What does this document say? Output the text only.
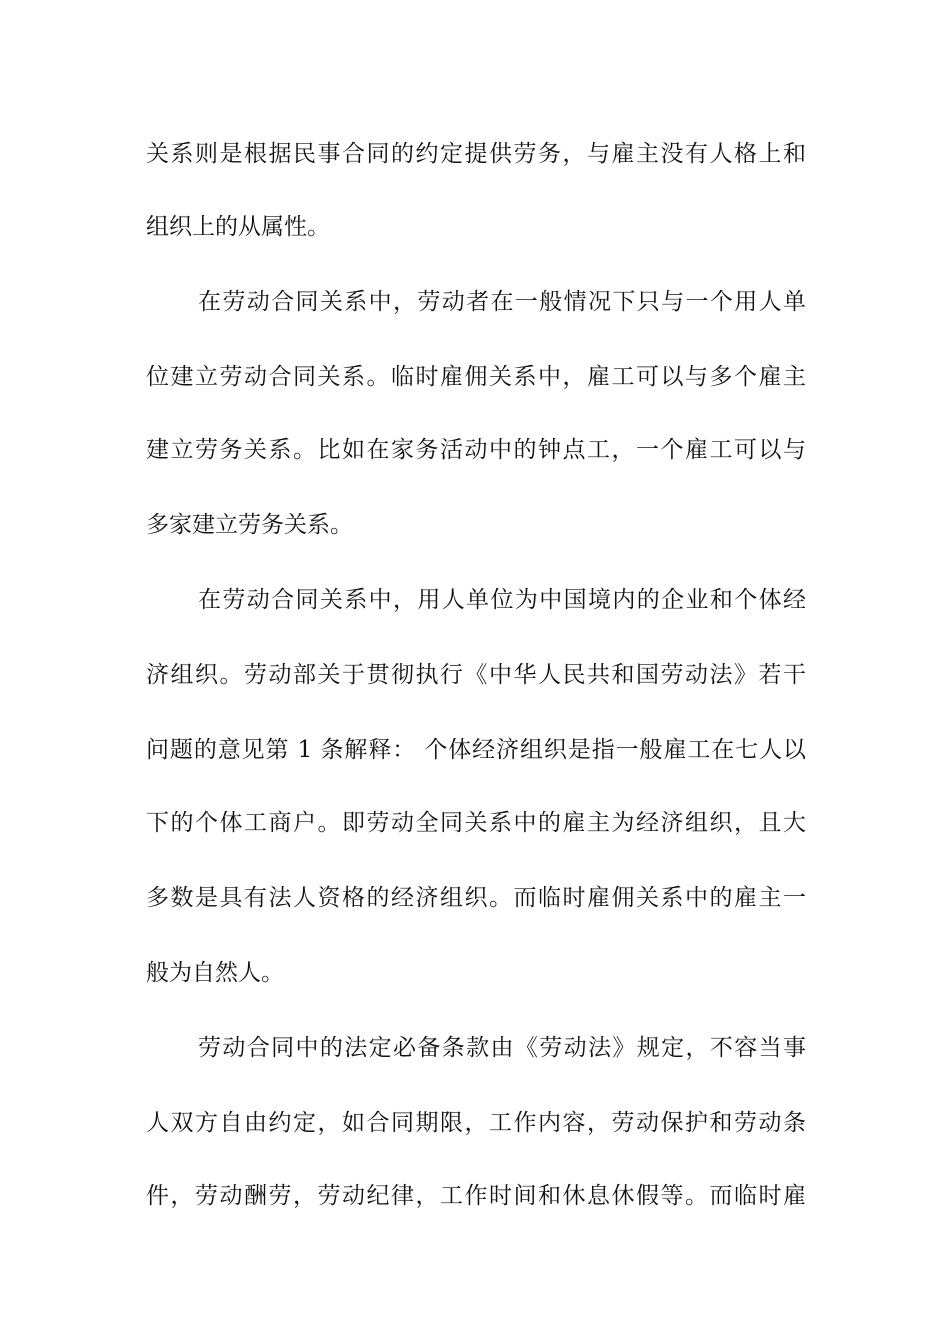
关系则是根据民事合同的约定提供劳务，与雇主没有人格上和
组织上的从属性。
在劳动合同关系中，劳动者在一般情况下只与一个用人单
位建立劳动合同关系。临时雇佣关系中，雇工可以与多个雇主
建立劳务关系。比如在家务活动中的钟点工，一个雇工可以与
多家建立劳务关系。
在劳动合同关系中，用人单位为中国境内的企业和个体经
济组织。劳动部关于贯彻执行《中华人民共和国劳动法》若干
问题的意见第 1 条解释： 个体经济组织是指一般雇工在七人以
下的个体工商户。即劳动全同关系中的雇主为经济组织，且大
多数是具有法人资格的经济组织。而临时雇佣关系中的雇主一
般为自然人。
劳动合同中的法定必备条款由《劳动法》规定，不容当事
人双方自由约定，如合同期限，工作内容，劳动保护和劳动条
件，劳动酬劳，劳动纪律，工作时间和休息休假等。而临时雇
